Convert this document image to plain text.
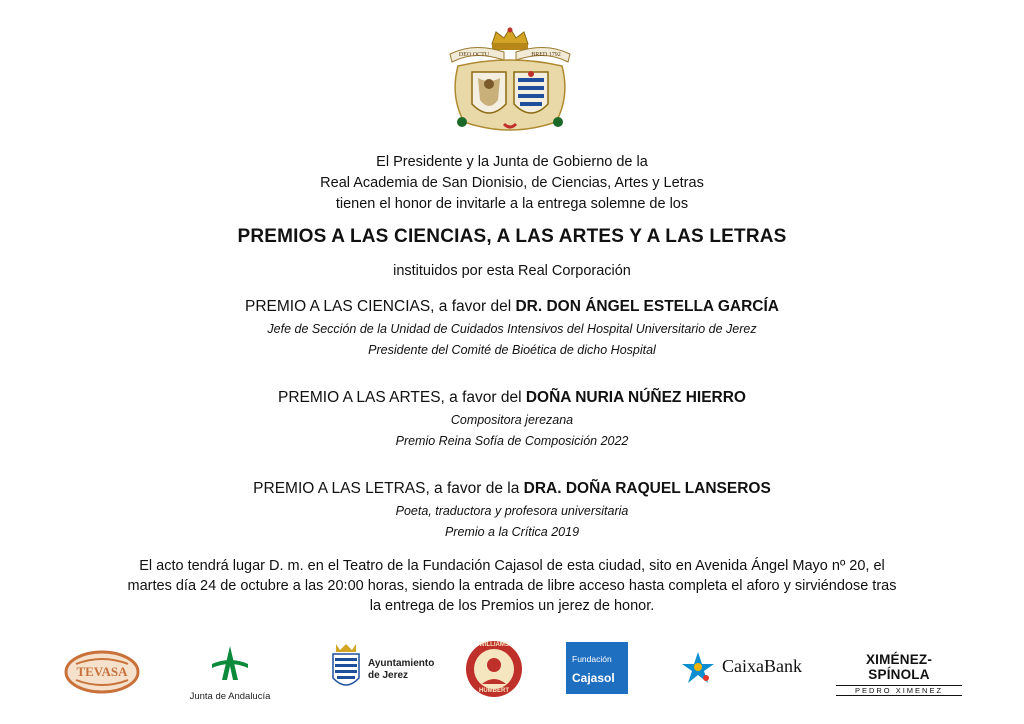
DEO OCTU	BRED 1792
El Presidente y la Junta de Gobierno de la
Real Academia de San Dionisio, de Ciencias, Artes y Letras
tienen el honor de invitarle a la entrega solemne de los
PREMIOS A LAS CIENCIAS, A LAS ARTES Y A LAS LETRAS
instituidos por esta Real Corporación
PREMIO A LAS CIENCIAS, a favor del DR. DON ÁNGEL ESTELLA GARCÍA
Jefe de Sección de la Unidad de Cuidados Intensivos del Hospital Universitario de Jerez
Presidente del Comité de Bioética de dicho Hospital
PREMIO A LAS ARTES, a favor del DOÑA NURIA NÚÑEZ HIERRO
Compositora jerezana
Premio Reina Sofía de Composición 2022
PREMIO A LAS LETRAS, a favor de la DRA. DOÑA RAQUEL LANSEROS
Poeta, traductora y profesora universitaria
Premio a la Crítica 2019
El acto tendrá lugar D. m. en el Teatro de la Fundación Cajasol de esta ciudad, sito en Avenida Ángel Mayo nº 20, el
martes día 24 de octubre a las 20:00 horas, siendo la entrada de libre acceso hasta completa el aforo y sirviéndose tras
la entrega de los Premios un jerez de honor.
TEVASA
Junta de Andalucía
Ayuntamiento
de Jerez
WILLIAMS
HUMBERT
Fundación
Cajasol
CaixaBank	XIMÉNEZ-SPÍNOLA
PEDRO XIMENEZ
